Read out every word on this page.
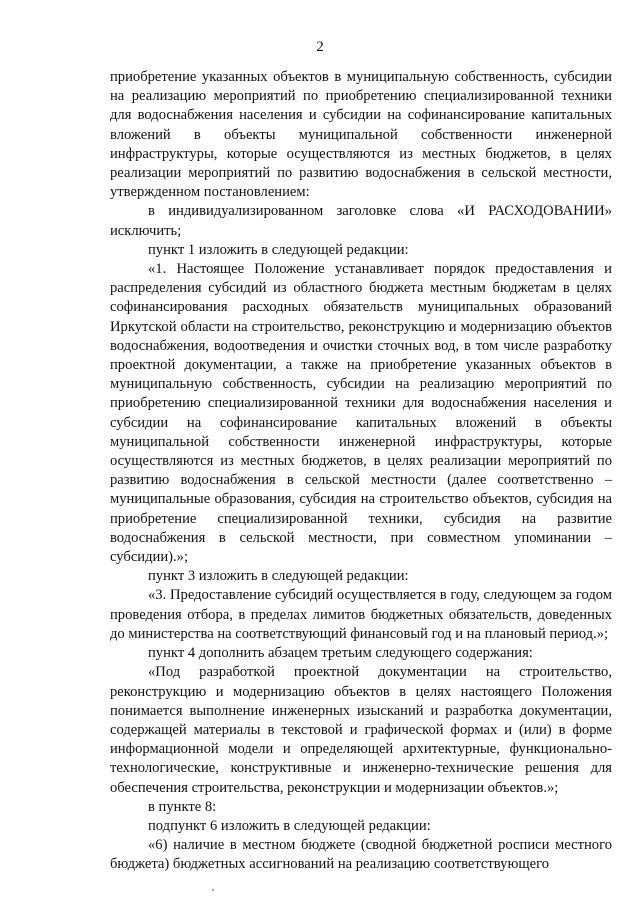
2

приобретение указанных объектов в муниципальную собственность, субсидии на реализацию мероприятий по приобретению специализированной техники для водоснабжения населения и субсидии на софинансирование капитальных вложений в объекты муниципальной собственности инженерной инфраструктуры, которые осуществляются из местных бюджетов, в целях реализации мероприятий по развитию водоснабжения в сельской местности, утвержденном постановлением:

в индивидуализированном заголовке слова «И РАСХОДОВАНИИ» исключить;

пункт 1 изложить в следующей редакции:

«1. Настоящее Положение устанавливает порядок предоставления и распределения субсидий из областного бюджета местным бюджетам в целях софинансирования расходных обязательств муниципальных образований Иркутской области на строительство, реконструкцию и модернизацию объектов водоснабжения, водоотведения и очистки сточных вод, в том числе разработку проектной документации, а также на приобретение указанных объектов в муниципальную собственность, субсидии на реализацию мероприятий по приобретению специализированной техники для водоснабжения населения и субсидии на софинансирование капитальных вложений в объекты муниципальной собственности инженерной инфраструктуры, которые осуществляются из местных бюджетов, в целях реализации мероприятий по развитию водоснабжения в сельской местности (далее соответственно – муниципальные образования, субсидия на строительство объектов, субсидия на приобретение специализированной техники, субсидия на развитие водоснабжения в сельской местности, при совместном упоминании – субсидии).»;

пункт 3 изложить в следующей редакции:

«3. Предоставление субсидий осуществляется в году, следующем за годом проведения отбора, в пределах лимитов бюджетных обязательств, доведенных до министерства на соответствующий финансовый год и на плановый период.»;

пункт 4 дополнить абзацем третьим следующего содержания:

«Под разработкой проектной документации на строительство, реконструкцию и модернизацию объектов в целях настоящего Положения понимается выполнение инженерных изысканий и разработка документации, содержащей материалы в текстовой и графической формах и (или) в форме информационной модели и определяющей архитектурные, функционально-технологические, конструктивные и инженерно-технические решения для обеспечения строительства, реконструкции и модернизации объектов.»;

в пункте 8:

подпункт 6 изложить в следующей редакции:

«6) наличие в местном бюджете (сводной бюджетной росписи местного бюджета) бюджетных ассигнований на реализацию соответствующего
